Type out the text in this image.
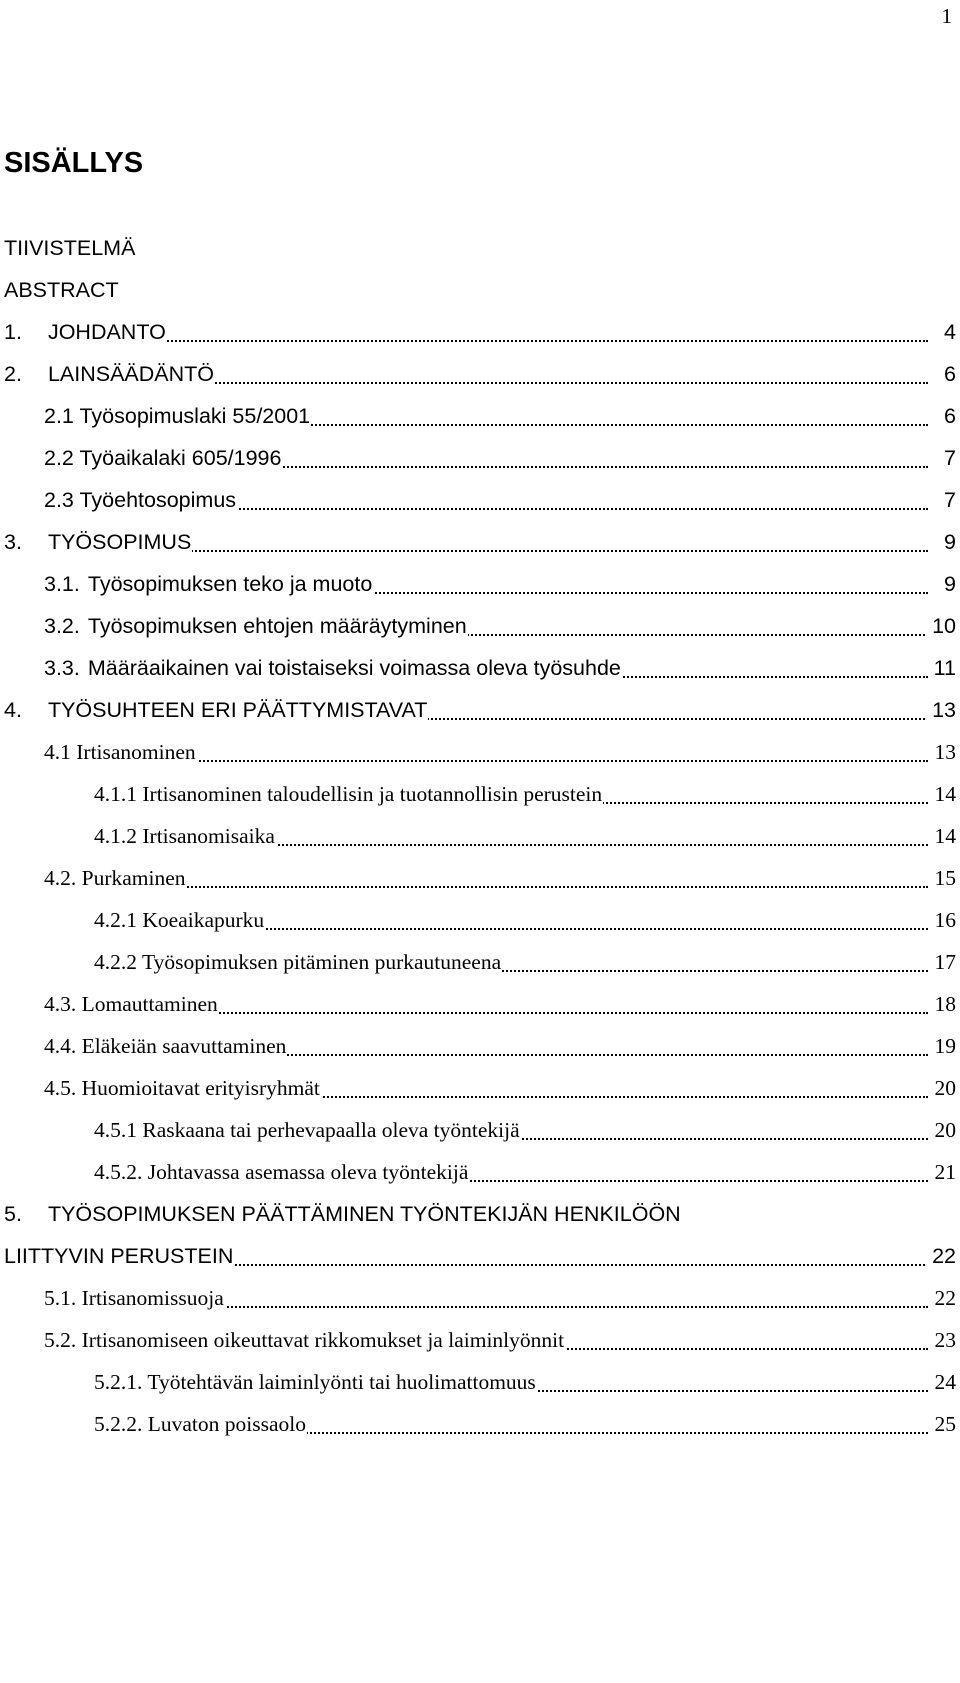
1
SISÄLLYS
TIIVISTELMÄ
ABSTRACT
1. JOHDANTO	4
2. LAINSÄÄDÄNTÖ	6
2.1 Työsopimuslaki 55/2001	6
2.2 Työaikalaki 605/1996	7
2.3 Työehtosopimus	7
3. TYÖSOPIMUS	9
3.1. Työsopimuksen teko ja muoto	9
3.2. Työsopimuksen ehtojen määräytyminen	10
3.3. Määräaikainen vai toistaiseksi voimassa oleva työsuhde	11
4. TYÖSUHTEEN ERI PÄÄTTYMISTAVAT	13
4.1 Irtisanominen	13
4.1.1 Irtisanominen taloudellisin ja tuotannollisin perustein	14
4.1.2 Irtisanomisaika	14
4.2. Purkaminen	15
4.2.1 Koeaikapurku	16
4.2.2 Työsopimuksen pitäminen purkautuneena	17
4.3. Lomauttaminen	18
4.4. Eläkeiän saavuttaminen	19
4.5. Huomioitavat erityisryhmät	20
4.5.1 Raskaana tai perhevapaalla oleva työntekijä	20
4.5.2. Johtavassa asemassa oleva työntekijä	21
5. TYÖSOPIMUKSEN PÄÄTTÄMINEN TYÖNTEKIJÄN HENKILÖÖN
LIITTYVIN PERUSTEIN	22
5.1. Irtisanomissuoja	22
5.2. Irtisanomiseen oikeuttavat rikkomukset ja laiminlyönnit	23
5.2.1. Työtehtävän laiminlyönti tai huolimattomuus	24
5.2.2. Luvaton poissaolo	25
